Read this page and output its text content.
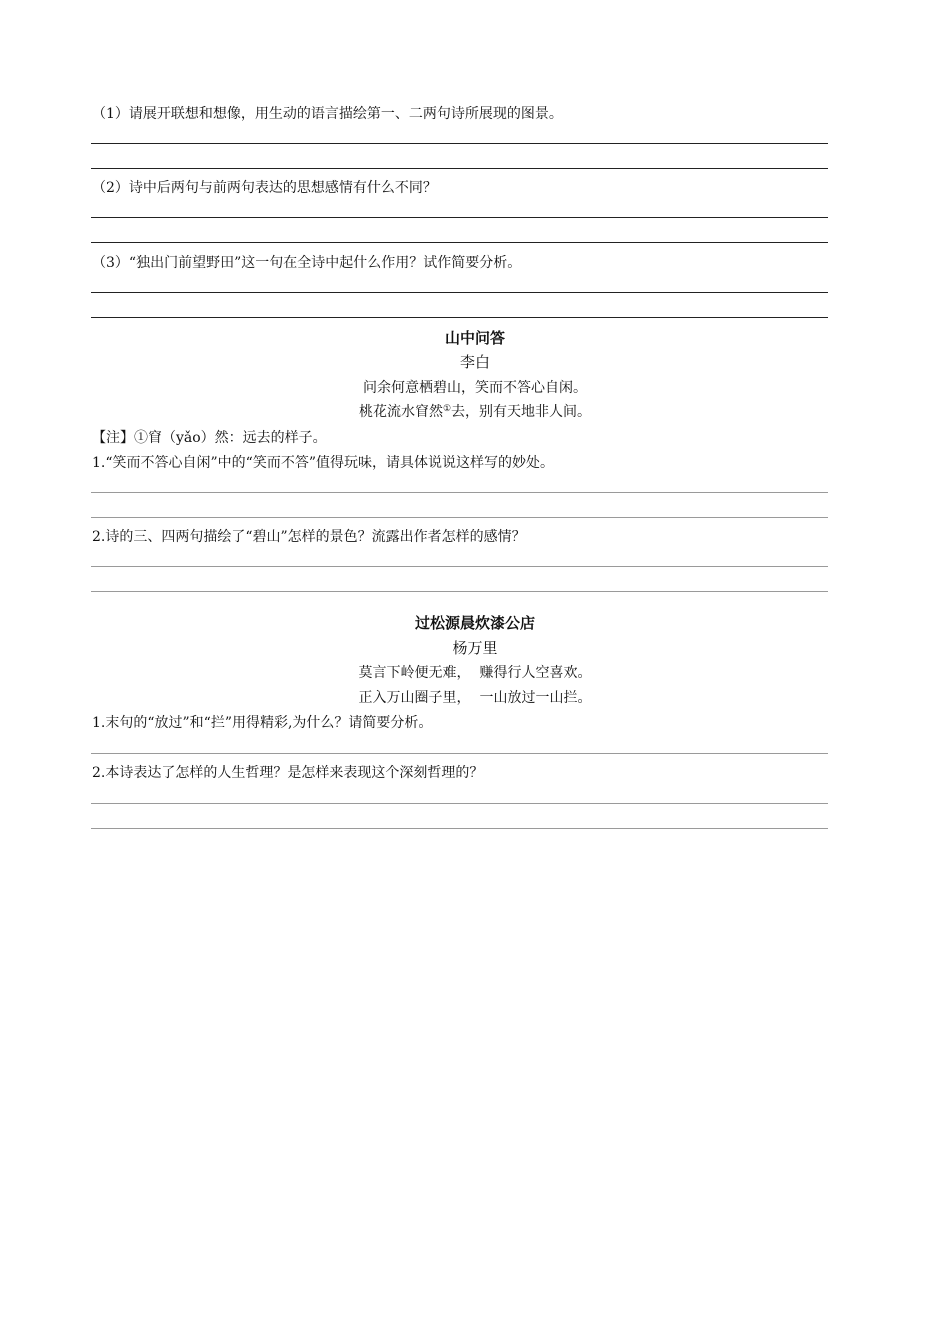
（1）请展开联想和想像，用生动的语言描绘第一、二两句诗所展现的图景。
（2）诗中后两句与前两句表达的思想感情有什么不同？
（3）“独出门前望野田”这一句在全诗中起什么作用？试作简要分析。
山中问答
李白
问余何意栖碧山，笑而不答心自闲。
桃花流水窅然①去，别有天地非人间。
【注】①窅（yǎo）然：远去的样子。
1.“笑而不答心自闲”中的“笑而不答”值得玩味，请具体说说这样写的妙处。
2.诗的三、四两句描绘了“碧山”怎样的景色？流露出作者怎样的感情？
过松源晨炊漆公店
杨万里
莫言下岭便无难，  赚得行人空喜欢。
正入万山圈子里，  一山放过一山拦。
1.末句的“放过”和“拦”用得精彩,为什么？请简要分析。
2.本诗表达了怎样的人生哲理？是怎样来表现这个深刻哲理的？
